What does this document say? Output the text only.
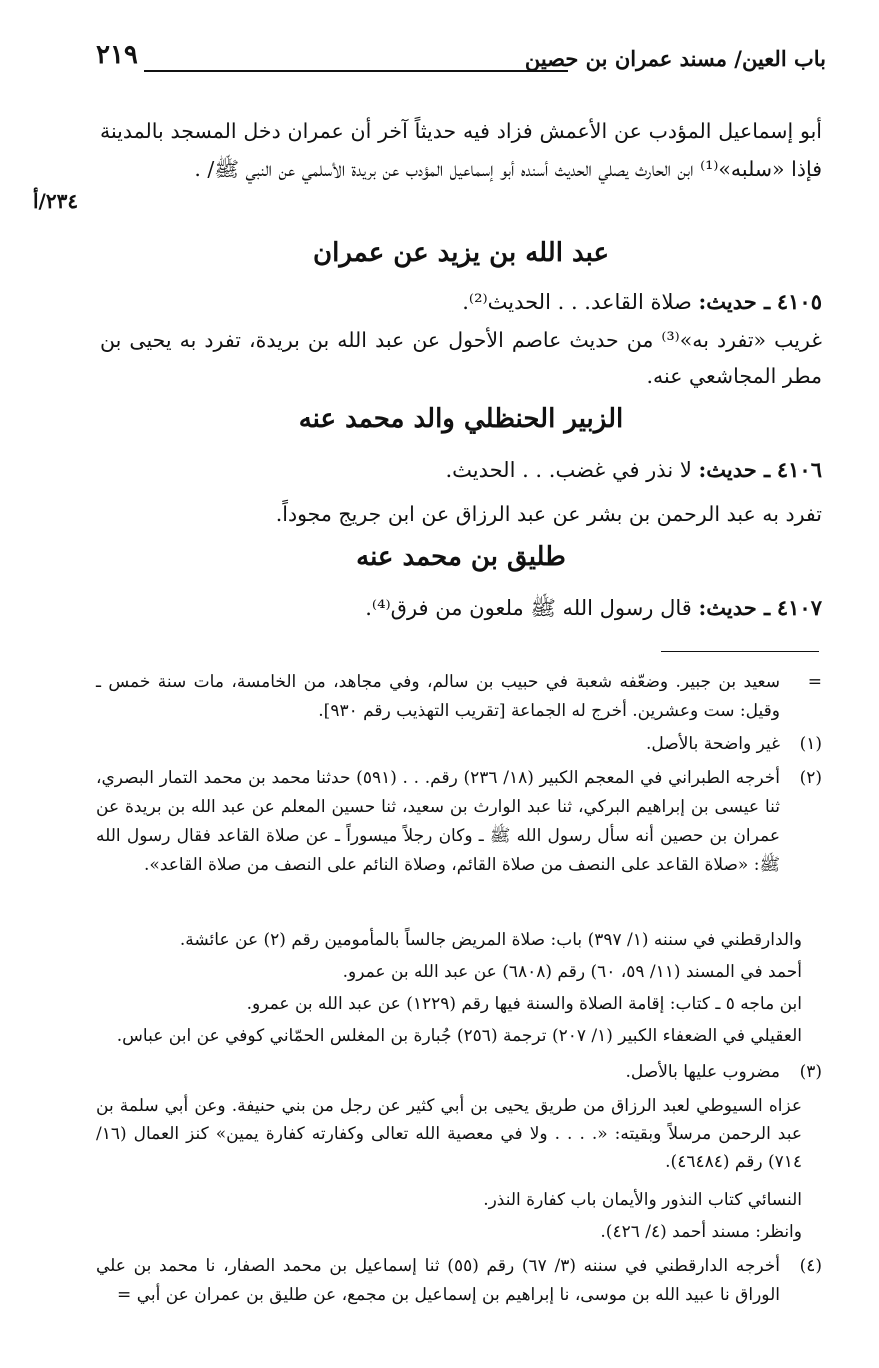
باب العين/ مسند عمران بن حصين
٢١٩
أبو إسماعيل المؤدب عن الأعمش فزاد فيه حديثاً آخر أن عمران دخل المسجد بالمدينة فإذا «سلبه»⁽¹⁾ ابن الحارث يصلي الحديث أسنده أبو إسماعيل المؤدب عن بريدة الأسلمي عن النبي ﷺ/ .
٢٣٤/أ
عبد الله بن يزيد عن عمران
٤١٠٥ ـ حديث: صلاة القاعد. . . الحديث⁽²⁾.
غريب «تفرد به»⁽³⁾ من حديث عاصم الأحول عن عبد الله بن بريدة، تفرد به يحيى بن مطر المجاشعي عنه.
الزبير الحنظلي والد محمد عنه
٤١٠٦ ـ حديث: لا نذر في غضب. . . الحديث.
تفرد به عبد الرحمن بن بشر عن عبد الرزاق عن ابن جريج مجوداً.
طليق بن محمد عنه
٤١٠٧ ـ حديث: قال رسول الله ﷺ ملعون من فرق⁽⁴⁾.
=
سعيد بن جبير. وضعّفه شعبة في حبيب بن سالم، وفي مجاهد، من الخامسة، مات سنة خمس ـ وقيل: ست وعشرين. أخرج له الجماعة [تقريب التهذيب رقم ٩٣٠].
(١)
غير واضحة بالأصل.
(٢)
أخرجه الطبراني في المعجم الكبير (١٨/ ٢٣٦) رقم. . . (٥٩١) حدثنا محمد بن محمد التمار البصري، ثنا عيسى بن إبراهيم البركي، ثنا عبد الوارث بن سعيد، ثنا حسين المعلم عن عبد الله بن بريدة عن عمران بن حصين أنه سأل رسول الله ﷺ ـ وكان رجلاً ميسوراً ـ عن صلاة القاعد فقال رسول الله ﷺ: «صلاة القاعد على النصف من صلاة القائم، وصلاة النائم على النصف من صلاة القاعد».
والدارقطني في سننه (١/ ٣٩٧) باب: صلاة المريض جالساً بالمأمومين رقم (٢) عن عائشة.
أحمد في المسند (١١/ ٥٩، ٦٠) رقم (٦٨٠٨) عن عبد الله بن عمرو.
ابن ماجه ٥ ـ كتاب: إقامة الصلاة والسنة فيها رقم (١٢٢٩) عن عبد الله بن عمرو.
العقيلي في الضعفاء الكبير (١/ ٢٠٧) ترجمة (٢٥٦) جُبارة بن المغلس الحمّاني كوفي عن ابن عباس.
(٣)
مضروب عليها بالأصل.
عزاه السيوطي لعبد الرزاق من طريق يحيى بن أبي كثير عن رجل من بني حنيفة. وعن أبي سلمة بن عبد الرحمن مرسلاً وبقيته: «. . . . ولا في معصية الله تعالى وكفارته كفارة يمين» كنز العمال (١٦/ ٧١٤) رقم (٤٦٤٨٤).
النسائي كتاب النذور والأيمان باب كفارة النذر.
وانظر: مسند أحمد (٤/ ٤٢٦).
(٤)
أخرجه الدارقطني في سننه (٣/ ٦٧) رقم (٥٥) ثنا إسماعيل بن محمد الصفار، نا محمد بن علي الوراق نا عبيد الله بن موسى، نا إبراهيم بن إسماعيل بن مجمع، عن طليق بن عمران عن أبي =
